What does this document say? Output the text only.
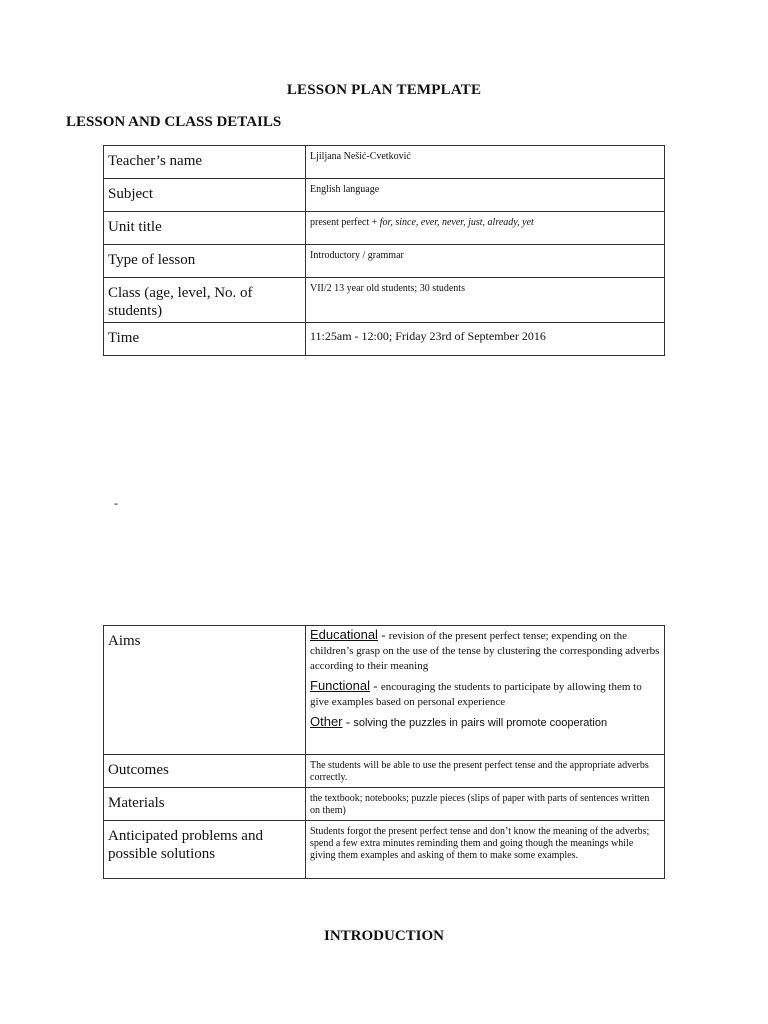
LESSON PLAN TEMPLATE
LESSON AND CLASS DETAILS
Teacher’s name	Ljiljana Nešić-Cvetković
Subject	English language
Unit title	present perfect + for, since, ever, never, just, already, yet
Type of lesson	Introductory / grammar
Class (age, level, No. of students)	VII/2 13 year old students; 30 students
Time	11:25am - 12:00; Friday 23rd of September 2016
-
Aims	Educational - revision of the present perfect tense; expending on the children’s grasp on the use of the tense by clustering the corresponding adverbs according to their meaning
Functional - encouraging the students to participate by allowing them to give examples based on personal experience
Other - solving the puzzles in pairs will promote cooperation

Outcomes	The students will be able to use the present perfect tense and the appropriate adverbs correctly.
Materials	the textbook; notebooks; puzzle pieces (slips of paper with parts of sentences written on them)
Anticipated problems and possible solutions	Students forgot the present perfect tense and don’t know the meaning of the adverbs; spend a few extra minutes reminding them and going though the meanings while giving them examples and asking of them to make some examples.
INTRODUCTION
